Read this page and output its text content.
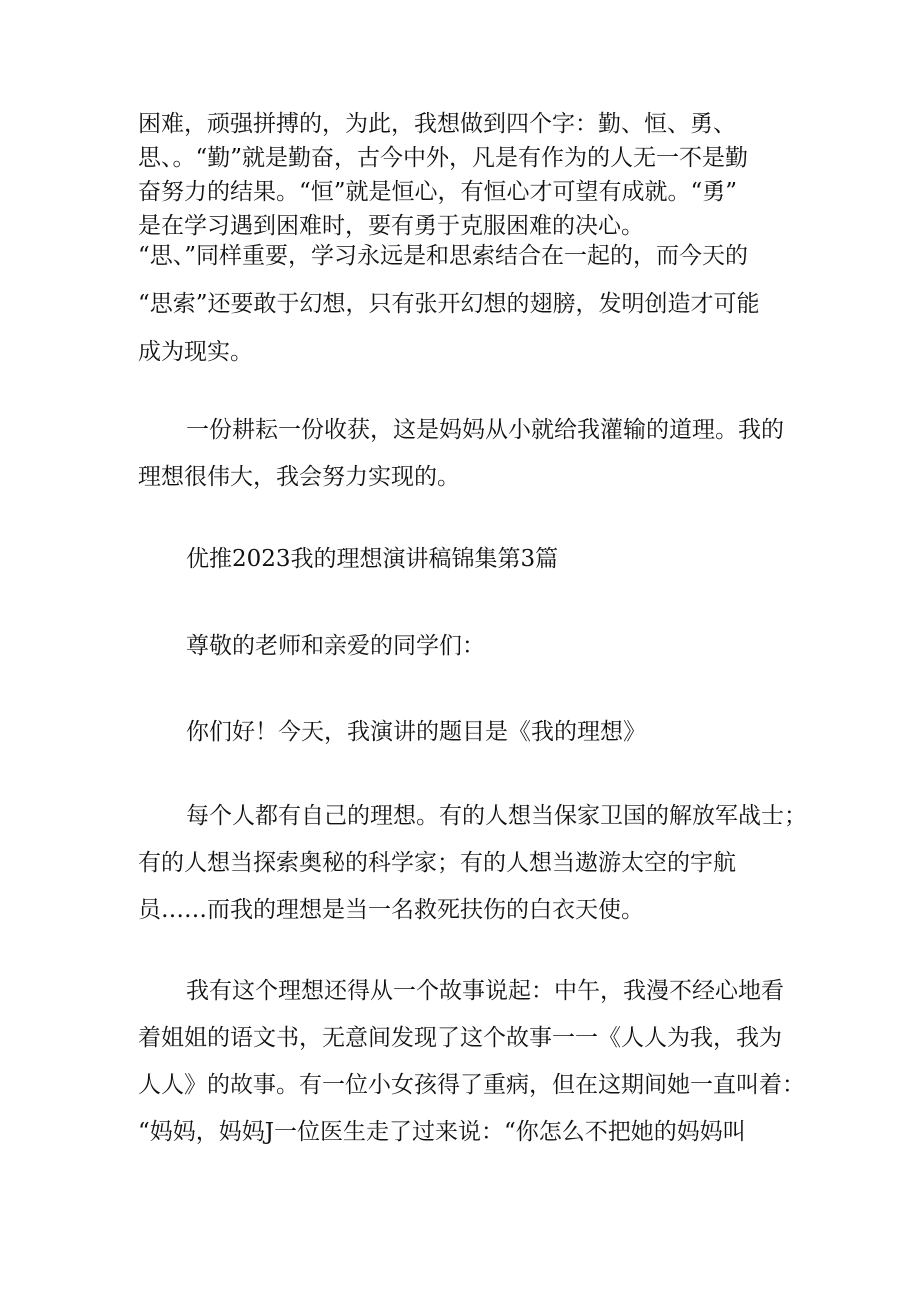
困难，顽强拼搏的，为此，我想做到四个字：勤、恒、勇、
思、。“勤”就是勤奋，古今中外，凡是有作为的人无一不是勤
奋努力的结果。“恒”就是恒心，有恒心才可望有成就。“勇”
是在学习遇到困难时，要有勇于克服困难的决心。

“思、”同样重要，学习永远是和思索结合在一起的，而今天的
“思索”还要敢于幻想，只有张开幻想的翅膀，发明创造才可能
成为现实。

一份耕耘一份收获，这是妈妈从小就给我灌输的道理。我的
理想很伟大，我会努力实现的。

优推2023我的理想演讲稿锦集第3篇

尊敬的老师和亲爱的同学们：

你们好！今天，我演讲的题目是《我的理想》

每个人都有自己的理想。有的人想当保家卫国的解放军战士；
有的人想当探索奥秘的科学家；有的人想当遨游太空的宇航
员……而我的理想是当一名救死扶伤的白衣天使。

我有这个理想还得从一个故事说起：中午，我漫不经心地看
着姐姐的语文书，无意间发现了这个故事一一《人人为我，我为
人人》的故事。有一位小女孩得了重病，但在这期间她一直叫着：
“妈妈，妈妈J一位医生走了过来说：“你怎么不把她的妈妈叫
